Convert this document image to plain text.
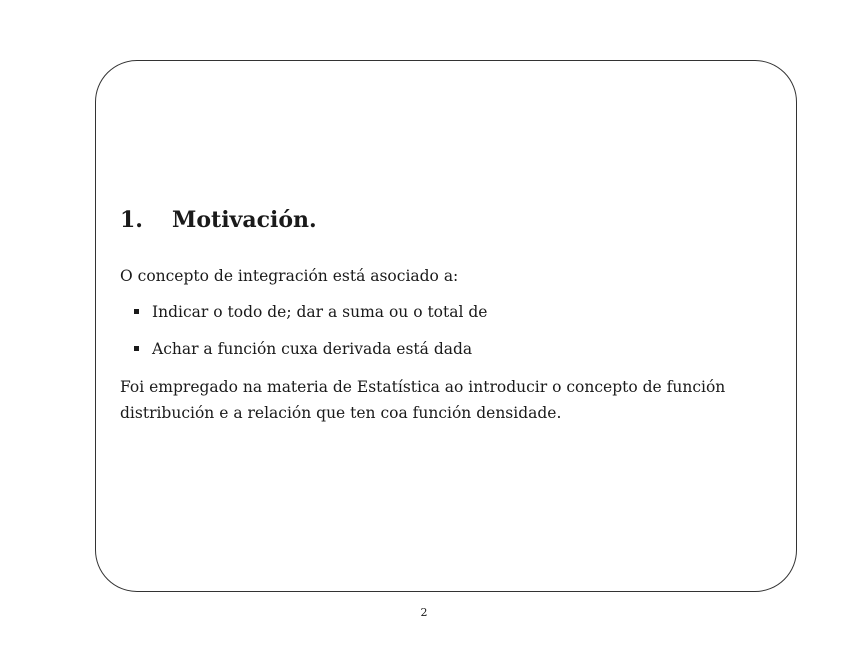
1. Motivación.

O concepto de integración está asociado a:

Indicar o todo de; dar a suma ou o total de
Achar a función cuxa derivada está dada

Foi empregado na materia de Estatística ao introducir o concepto de función distribución e a relación que ten coa función densidade.

2
